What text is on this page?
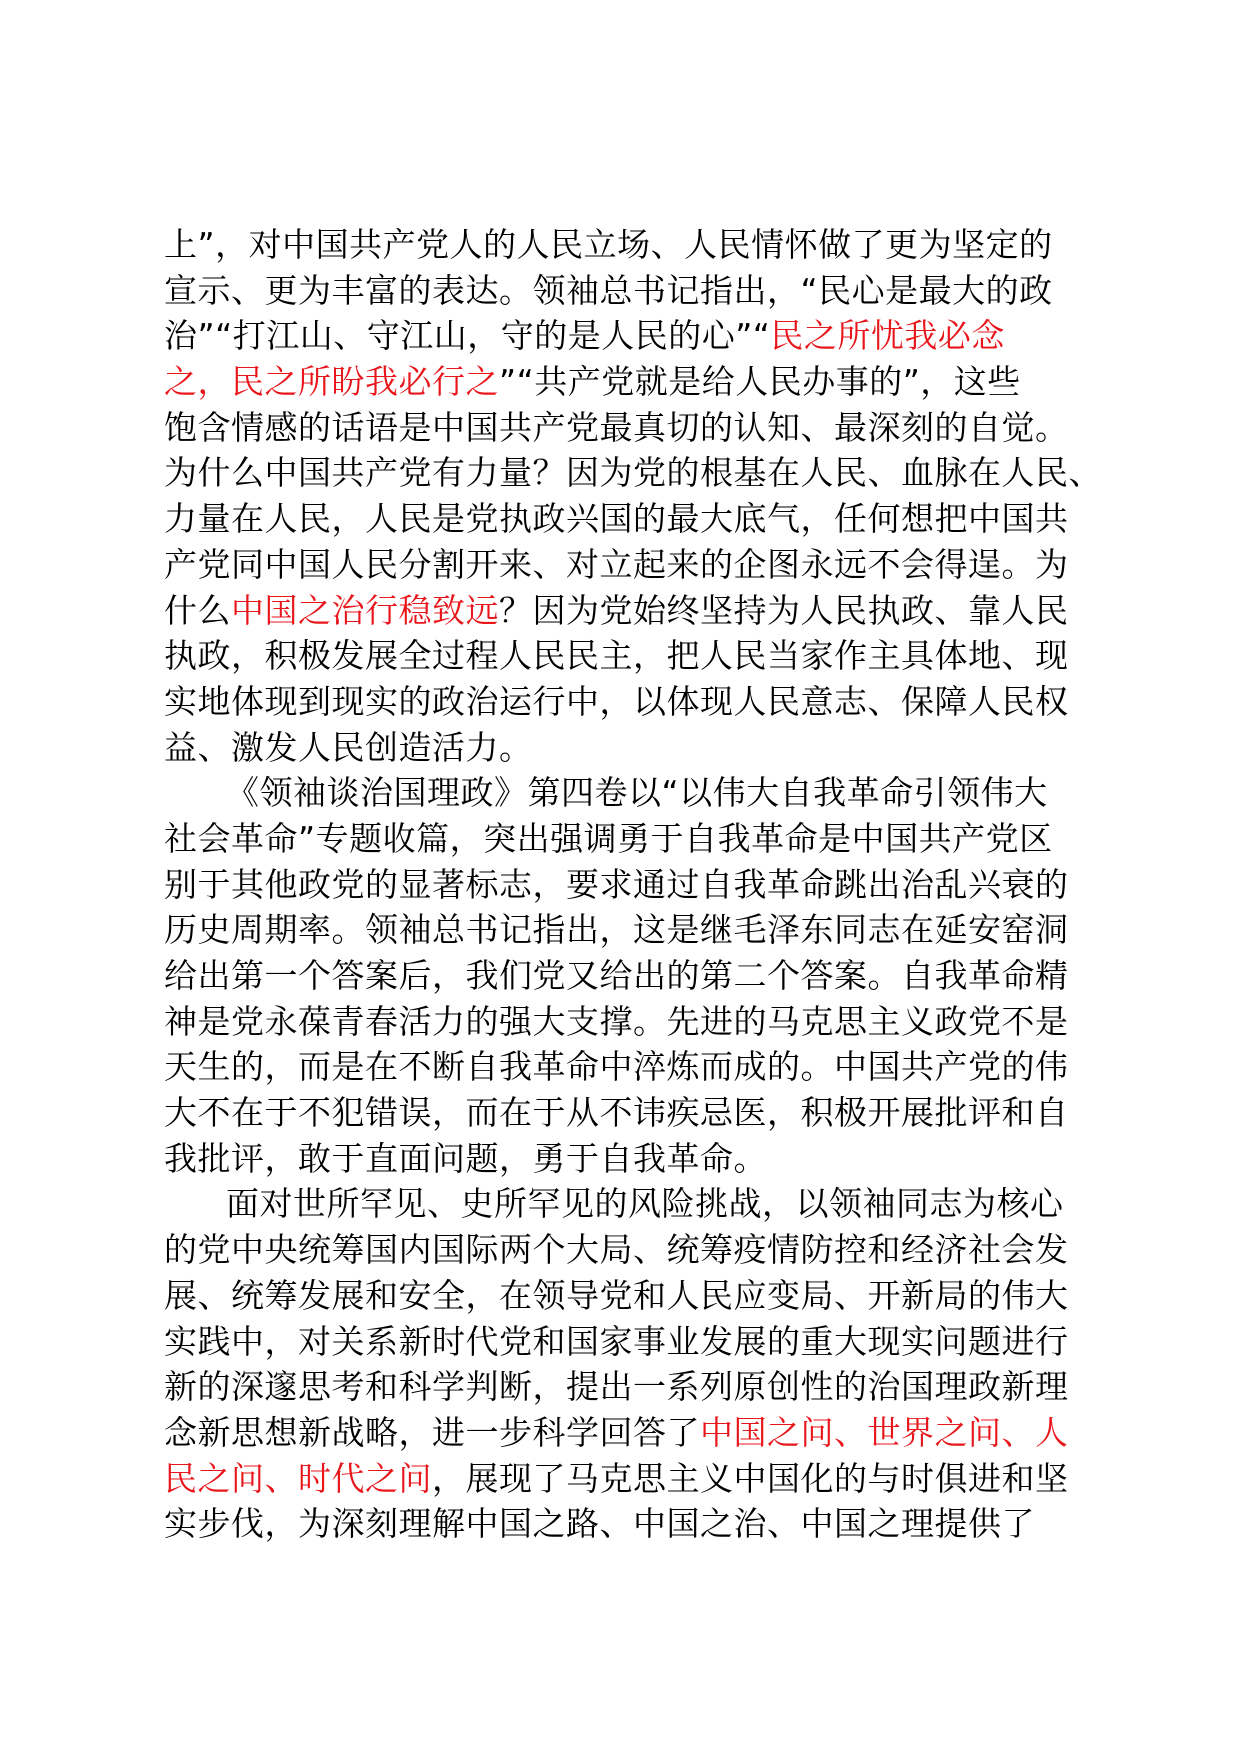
上”，对中国共产党人的人民立场、人民情怀做了更为坚定的
宣示、更为丰富的表达。领袖总书记指出，“民心是最大的政
治”“打江山、守江山，守的是人民的心”“民之所忧我必念
之，民之所盼我必行之”“共产党就是给人民办事的”，这些
饱含情感的话语是中国共产党最真切的认知、最深刻的自觉。
为什么中国共产党有力量？因为党的根基在人民、血脉在人民、
力量在人民，人民是党执政兴国的最大底气，任何想把中国共
产党同中国人民分割开来、对立起来的企图永远不会得逞。为
什么中国之治行稳致远？因为党始终坚持为人民执政、靠人民
执政，积极发展全过程人民民主，把人民当家作主具体地、现
实地体现到现实的政治运行中，以体现人民意志、保障人民权
益、激发人民创造活力。
《领袖谈治国理政》第四卷以“以伟大自我革命引领伟大
社会革命”专题收篇，突出强调勇于自我革命是中国共产党区
别于其他政党的显著标志，要求通过自我革命跳出治乱兴衰的
历史周期率。领袖总书记指出，这是继毛泽东同志在延安窑洞
给出第一个答案后，我们党又给出的第二个答案。自我革命精
神是党永葆青春活力的强大支撑。先进的马克思主义政党不是
天生的，而是在不断自我革命中淬炼而成的。中国共产党的伟
大不在于不犯错误，而在于从不讳疾忌医，积极开展批评和自
我批评，敢于直面问题，勇于自我革命。
面对世所罕见、史所罕见的风险挑战，以领袖同志为核心
的党中央统筹国内国际两个大局、统筹疫情防控和经济社会发
展、统筹发展和安全，在领导党和人民应变局、开新局的伟大
实践中，对关系新时代党和国家事业发展的重大现实问题进行
新的深邃思考和科学判断，提出一系列原创性的治国理政新理
念新思想新战略，进一步科学回答了中国之问、世界之问、人
民之问、时代之问，展现了马克思主义中国化的与时俱进和坚
实步伐，为深刻理解中国之路、中国之治、中国之理提供了
